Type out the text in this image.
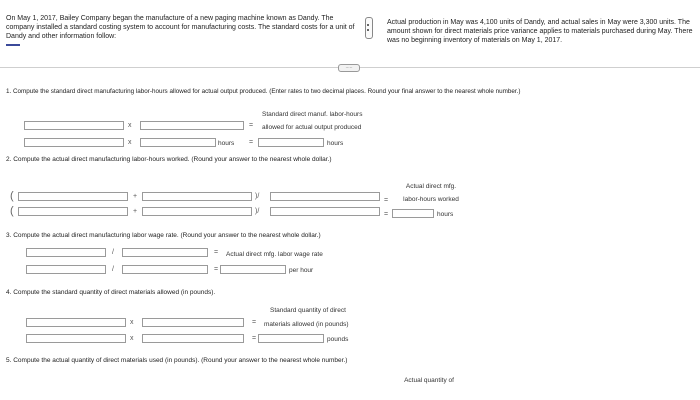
On May 1, 2017, Bailey Company began the manufacture of a new paging machine known as Dandy. The company installed a standard costing system to account for manufacturing costs. The standard costs for a unit of Dandy and other information follow:
Actual production in May was 4,100 units of Dandy, and actual sales in May were 3,300 units. The amount shown for direct materials price variance applies to materials purchased during May. There was no beginning inventory of materials on May 1, 2017.
.....
1. Compute the standard direct manufacturing labor-hours allowed for actual output produced. (Enter rates to two decimal places. Round your final answer to the nearest whole number.)
Standard direct manuf. labor-hours
x	= allowed for actual output produced
x	hours =	hours
2. Compute the actual direct manufacturing labor-hours worked. (Round your answer to the nearest whole dollar.)
Actual direct mfg.
(	+	)/
=	labor-hours worked
(	+	)/	=	hours
3. Compute the actual direct manufacturing labor wage rate. (Round your answer to the nearest whole dollar.)
/	= Actual direct mfg. labor wage rate
/	=	per hour
4. Compute the standard quantity of direct materials allowed (in pounds).
Standard quantity of direct
x	= materials allowed (in pounds)
x	=	pounds
5. Compute the actual quantity of direct materials used (in pounds). (Round your answer to the nearest whole number.)
Actual quantity of
